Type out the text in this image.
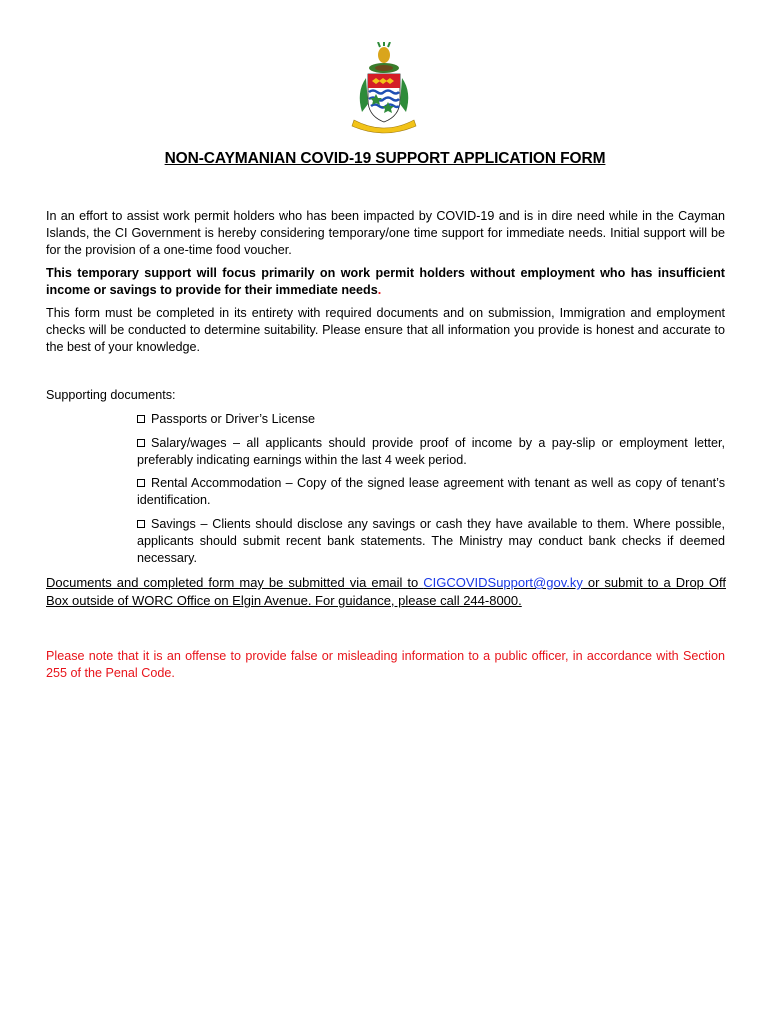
NON-CAYMANIAN COVID-19 SUPPORT APPLICATION FORM

In an effort to assist work permit holders who has been impacted by COVID-19 and is in dire need while in the Cayman Islands, the CI Government is hereby considering temporary/one time support for immediate needs. Initial support will be for the provision of a one-time food voucher.

This temporary support will focus primarily on work permit holders without employment who has insufficient income or savings to provide for their immediate needs.

This form must be completed in its entirety with required documents and on submission, Immigration and employment checks will be conducted to determine suitability. Please ensure that all information you provide is honest and accurate to the best of your knowledge.

Supporting documents:

Passports or Driver’s License

Salary/wages – all applicants should provide proof of income by a pay-slip or employment letter, preferably indicating earnings within the last 4 week period.

Rental Accommodation – Copy of the signed lease agreement with tenant as well as copy of tenant’s identification.

Savings – Clients should disclose any savings or cash they have available to them. Where possible, applicants should submit recent bank statements. The Ministry may conduct bank checks if deemed necessary.

Documents and completed form may be submitted via email to CIGCOVIDSupport@gov.ky or submit to a Drop Off Box outside of WORC Office on Elgin Avenue. For guidance, please call 244-8000.

Please note that it is an offense to provide false or misleading information to a public officer, in accordance with Section 255 of the Penal Code.
